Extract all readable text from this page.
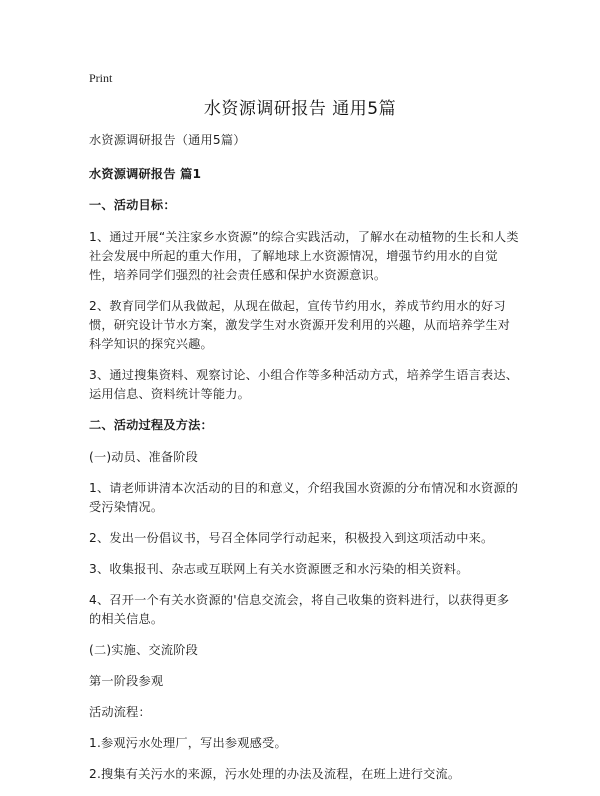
Print
水资源调研报告 通用5篇

水资源调研报告（通用5篇）

水资源调研报告 篇1

一、活动目标：

1、通过开展“关注家乡水资源”的综合实践活动，了解水在动植物的生长和人类社会发展中所起的重大作用，了解地球上水资源情况，增强节约用水的自觉性，培养同学们强烈的社会责任感和保护水资源意识。

2、教育同学们从我做起，从现在做起，宣传节约用水，养成节约用水的好习惯，研究设计节水方案，激发学生对水资源开发利用的兴趣，从而培养学生对科学知识的探究兴趣。

3、通过搜集资料、观察讨论、小组合作等多种活动方式，培养学生语言表达、运用信息、资料统计等能力。

二、活动过程及方法：

(一)动员、准备阶段

1、请老师讲清本次活动的目的和意义，介绍我国水资源的分布情况和水资源的受污染情况。

2、发出一份倡议书，号召全体同学行动起来，积极投入到这项活动中来。

3、收集报刊、杂志或互联网上有关水资源匮乏和水污染的相关资料。

4、召开一个有关水资源的'信息交流会，将自己收集的资料进行，以获得更多的相关信息。

(二)实施、交流阶段

第一阶段参观

活动流程：

1.参观污水处理厂，写出参观感受。

2.搜集有关污水的来源，污水处理的办法及流程，在班上进行交流。
